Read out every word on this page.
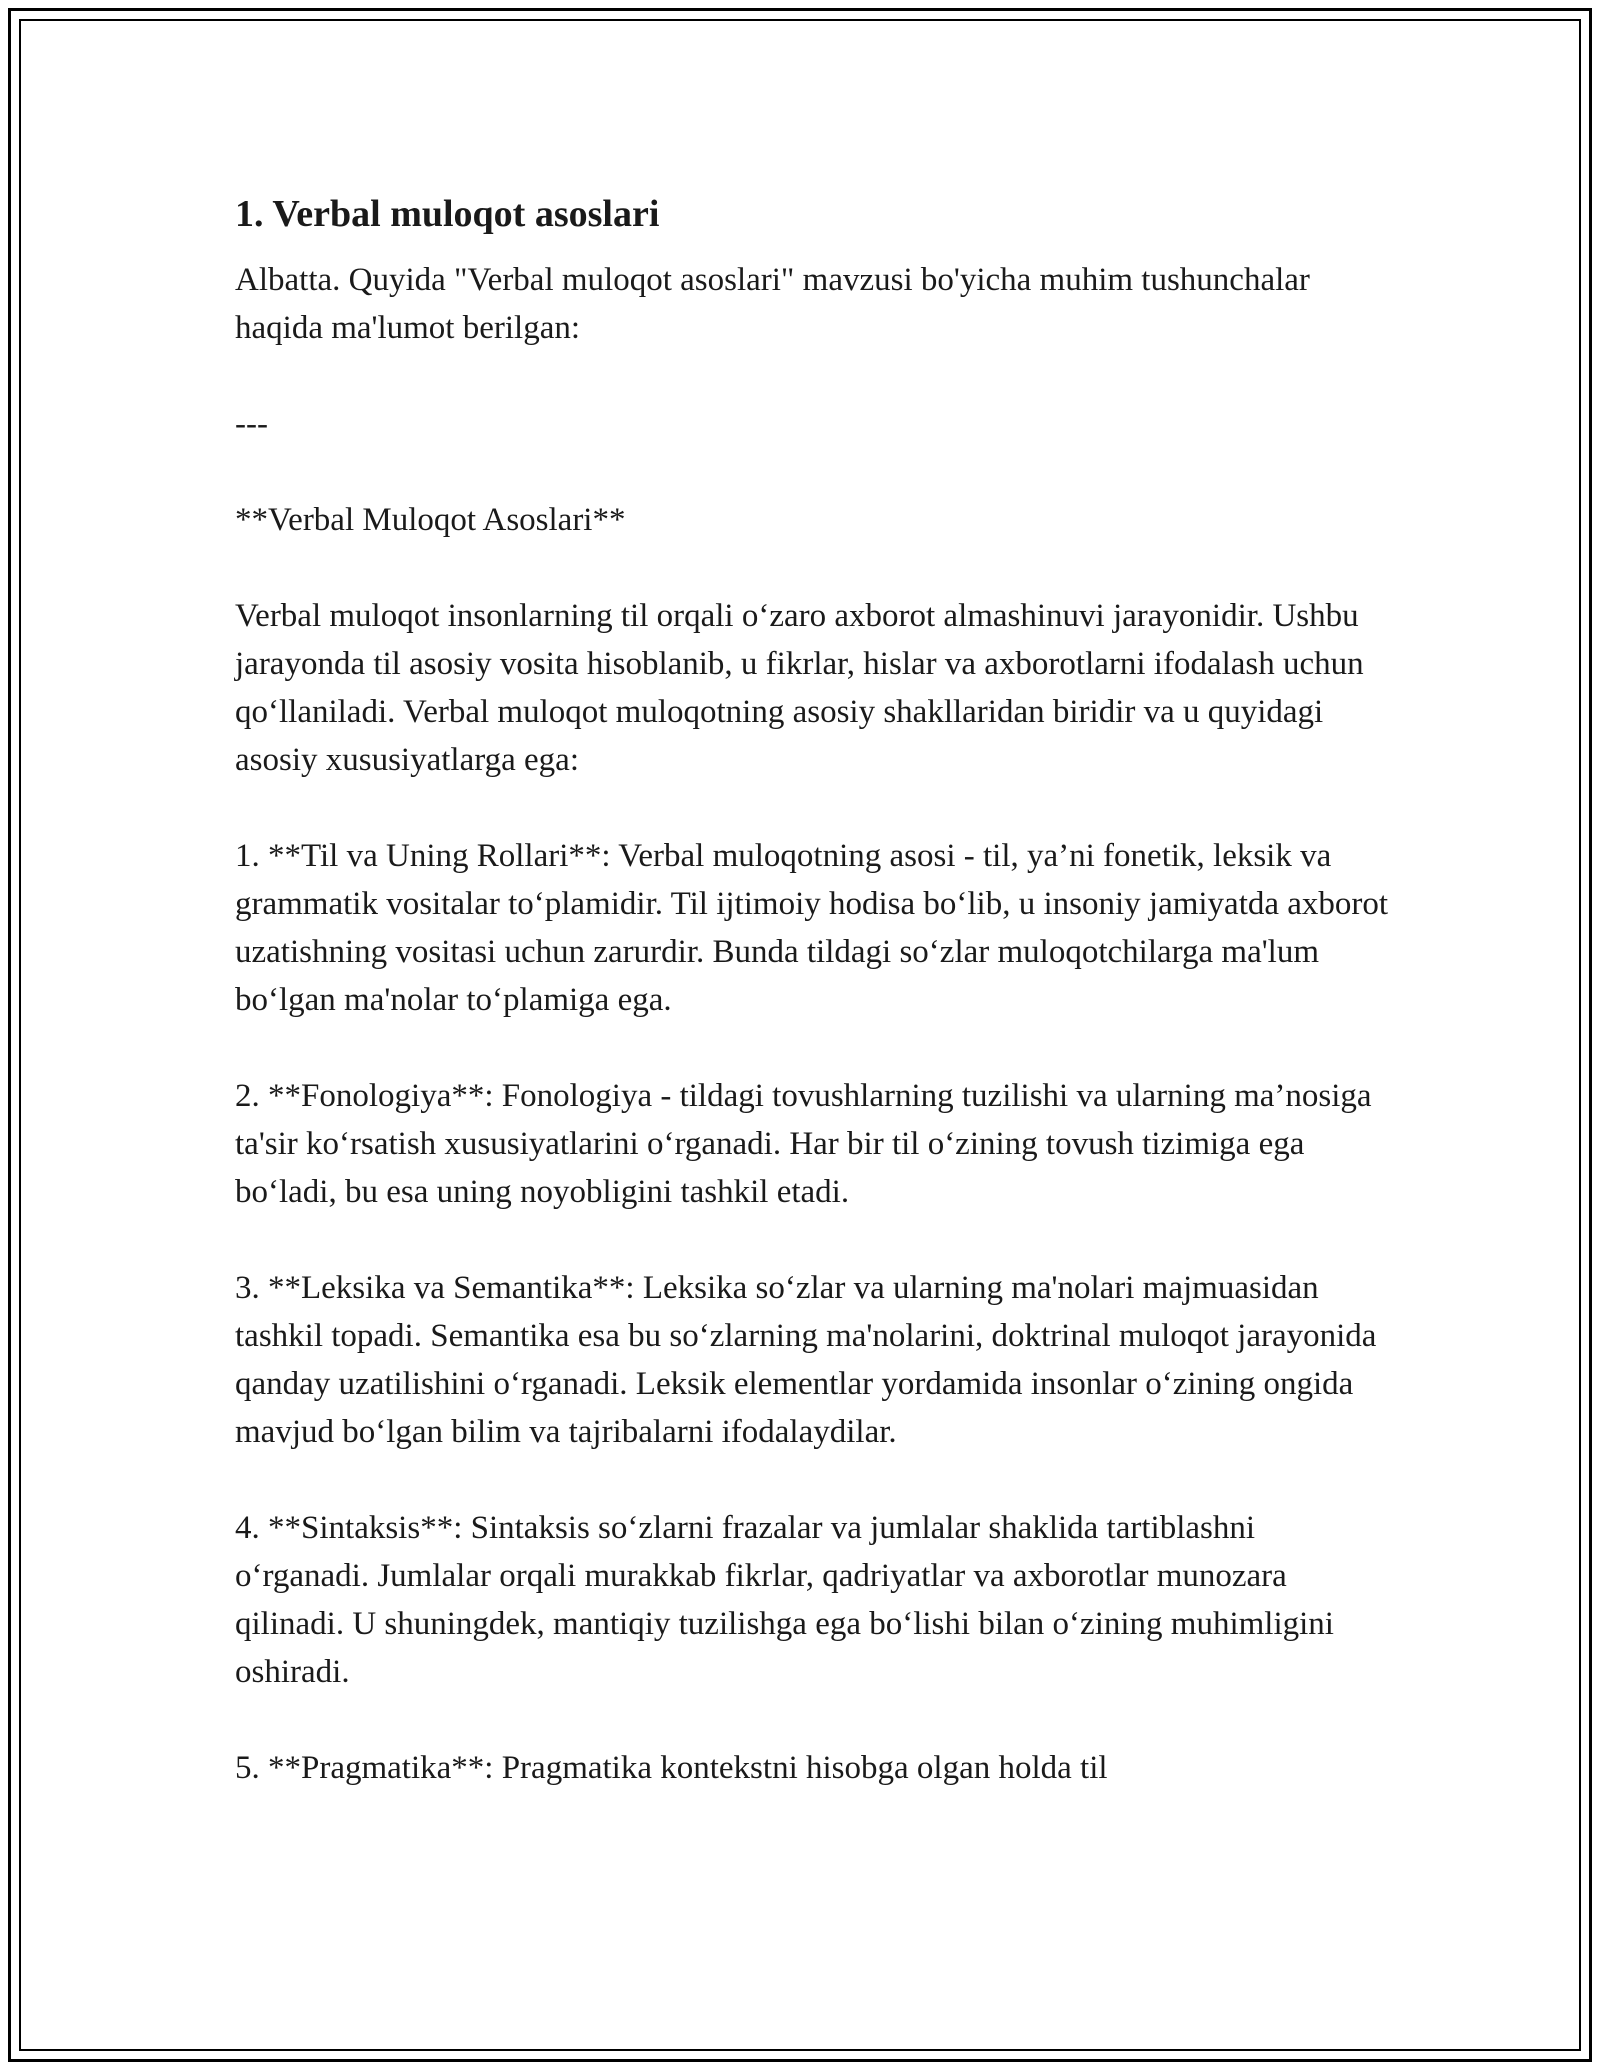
1. Verbal muloqot asoslari

Albatta. Quyida "Verbal muloqot asoslari" mavzusi bo'yicha muhim tushunchalar haqida ma'lumot berilgan:

---

**Verbal Muloqot Asoslari**

Verbal muloqot insonlarning til orqali oʻzaro axborot almashinuvi jarayonidir. Ushbu jarayonda til asosiy vosita hisoblanib, u fikrlar, hislar va axborotlarni ifodalash uchun qoʻllaniladi. Verbal muloqot muloqotning asosiy shakllaridan biridir va u quyidagi asosiy xususiyatlarga ega:

1. **Til va Uning Rollari**: Verbal muloqotning asosi - til, ya’ni fonetik, leksik va grammatik vositalar toʻplamidir. Til ijtimoiy hodisa boʻlib, u insoniy jamiyatda axborot uzatishning vositasi uchun zarurdir. Bunda tildagi soʻzlar muloqotchilarga ma'lum boʻlgan ma'nolar toʻplamiga ega.

2. **Fonologiya**: Fonologiya - tildagi tovushlarning tuzilishi va ularning ma’nosiga ta'sir koʻrsatish xususiyatlarini oʻrganadi. Har bir til oʻzining tovush tizimiga ega boʻladi, bu esa uning noyobligini tashkil etadi.

3. **Leksika va Semantika**: Leksika soʻzlar va ularning ma'nolari majmuasidan tashkil topadi. Semantika esa bu soʻzlarning ma'nolarini, doktrinal muloqot jarayonida qanday uzatilishini oʻrganadi. Leksik elementlar yordamida insonlar oʻzining ongida mavjud boʻlgan bilim va tajribalarni ifodalaydilar.

4. **Sintaksis**: Sintaksis soʻzlarni frazalar va jumlalar shaklida tartiblashni oʻrganadi. Jumlalar orqali murakkab fikrlar, qadriyatlar va axborotlar munozara qilinadi. U shuningdek, mantiqiy tuzilishga ega boʻlishi bilan oʻzining muhimligini oshiradi.

5. **Pragmatika**: Pragmatika kontekstni hisobga olgan holda til
